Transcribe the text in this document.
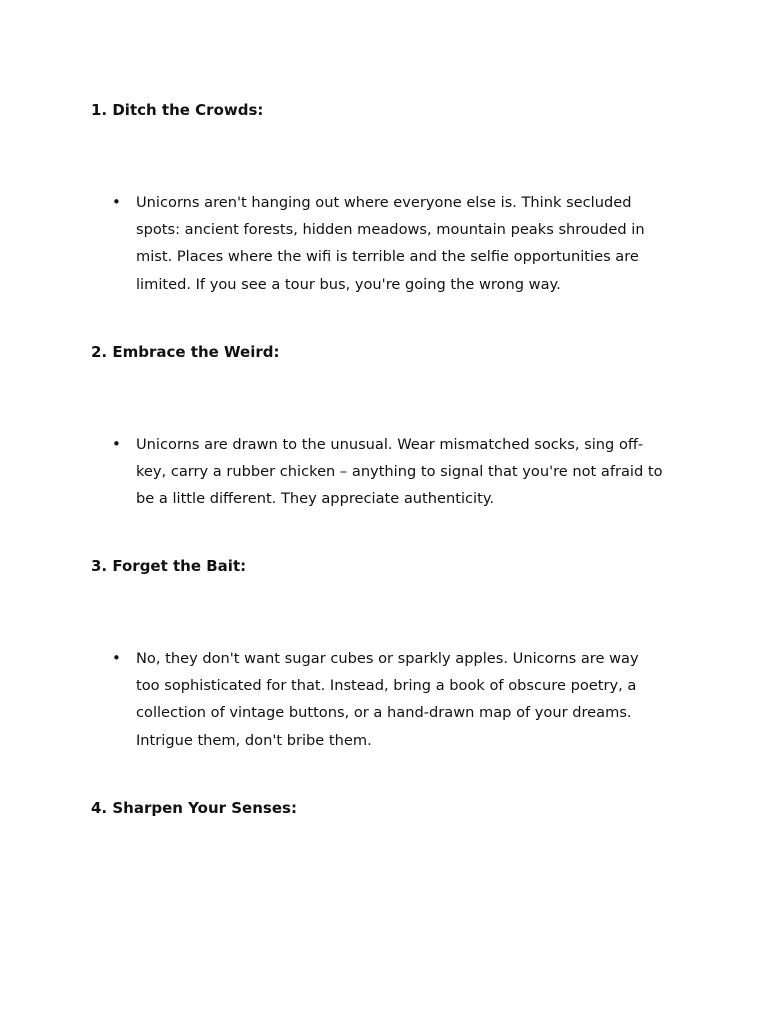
1. Ditch the Crowds:
•	Unicorns aren't hanging out where everyone else is. Think secluded spots: ancient forests, hidden meadows, mountain peaks shrouded in mist. Places where the wifi is terrible and the selfie opportunities are limited. If you see a tour bus, you're going the wrong way.

2. Embrace the Weird:
•	Unicorns are drawn to the unusual. Wear mismatched socks, sing off-key, carry a rubber chicken – anything to signal that you're not afraid to be a little different. They appreciate authenticity.

3. Forget the Bait:
•	No, they don't want sugar cubes or sparkly apples. Unicorns are way too sophisticated for that. Instead, bring a book of obscure poetry, a collection of vintage buttons, or a hand-drawn map of your dreams. Intrigue them, don't bribe them.

4. Sharpen Your Senses:
